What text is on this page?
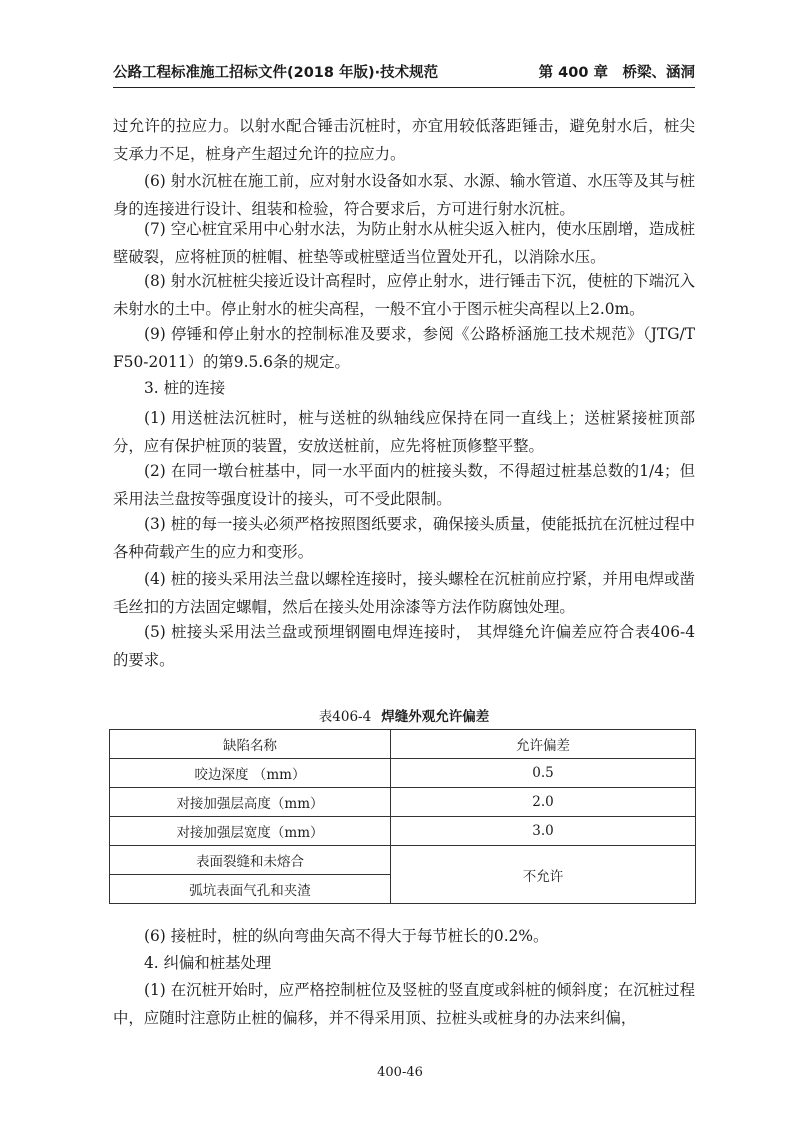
公路工程标准施工招标文件(2018 年版)·技术规范	第 400 章　桥梁、涵洞

过允许的拉应力。以射水配合锤击沉桩时，亦宜用较低落距锤击，避免射水后，桩尖支承力不足，桩身产生超过允许的拉应力。

(6) 射水沉桩在施工前，应对射水设备如水泵、水源、输水管道、水压等及其与桩身的连接进行设计、组装和检验，符合要求后，方可进行射水沉桩。

(7) 空心桩宜采用中心射水法，为防止射水从桩尖返入桩内，使水压剧增，造成桩壁破裂，应将桩顶的桩帽、桩垫等或桩壁适当位置处开孔，以消除水压。

(8) 射水沉桩桩尖接近设计高程时，应停止射水，进行锤击下沉，使桩的下端沉入未射水的土中。停止射水的桩尖高程，一般不宜小于图示桩尖高程以上2.0m。

(9) 停锤和停止射水的控制标准及要求，参阅《公路桥涵施工技术规范》（JTG/T F50-2011）的第9.5.6条的规定。

3. 桩的连接

(1) 用送桩法沉桩时，桩与送桩的纵轴线应保持在同一直线上；送桩紧接桩顶部分，应有保护桩顶的装置，安放送桩前，应先将桩顶修整平整。

(2) 在同一墩台桩基中，同一水平面内的桩接头数，不得超过桩基总数的1/4；但采用法兰盘按等强度设计的接头，可不受此限制。

(3) 桩的每一接头必须严格按照图纸要求，确保接头质量，使能抵抗在沉桩过程中各种荷载产生的应力和变形。

(4) 桩的接头采用法兰盘以螺栓连接时，接头螺栓在沉桩前应拧紧，并用电焊或凿毛丝扣的方法固定螺帽，然后在接头处用涂漆等方法作防腐蚀处理。

(5) 桩接头采用法兰盘或预埋钢圈电焊连接时， 其焊缝允许偏差应符合表406-4的要求。

表406-4 焊缝外观允许偏差
缺陷名称	允许偏差
咬边深度 （mm）	0.5
对接加强层高度（mm）	2.0
对接加强层宽度（mm）	3.0
表面裂缝和未熔合	不允许
弧坑表面气孔和夹渣	

(6) 接桩时，桩的纵向弯曲矢高不得大于每节桩长的0.2%。

4. 纠偏和桩基处理

(1) 在沉桩开始时，应严格控制桩位及竖桩的竖直度或斜桩的倾斜度；在沉桩过程中，应随时注意防止桩的偏移，并不得采用顶、拉桩头或桩身的办法来纠偏，

400-46
